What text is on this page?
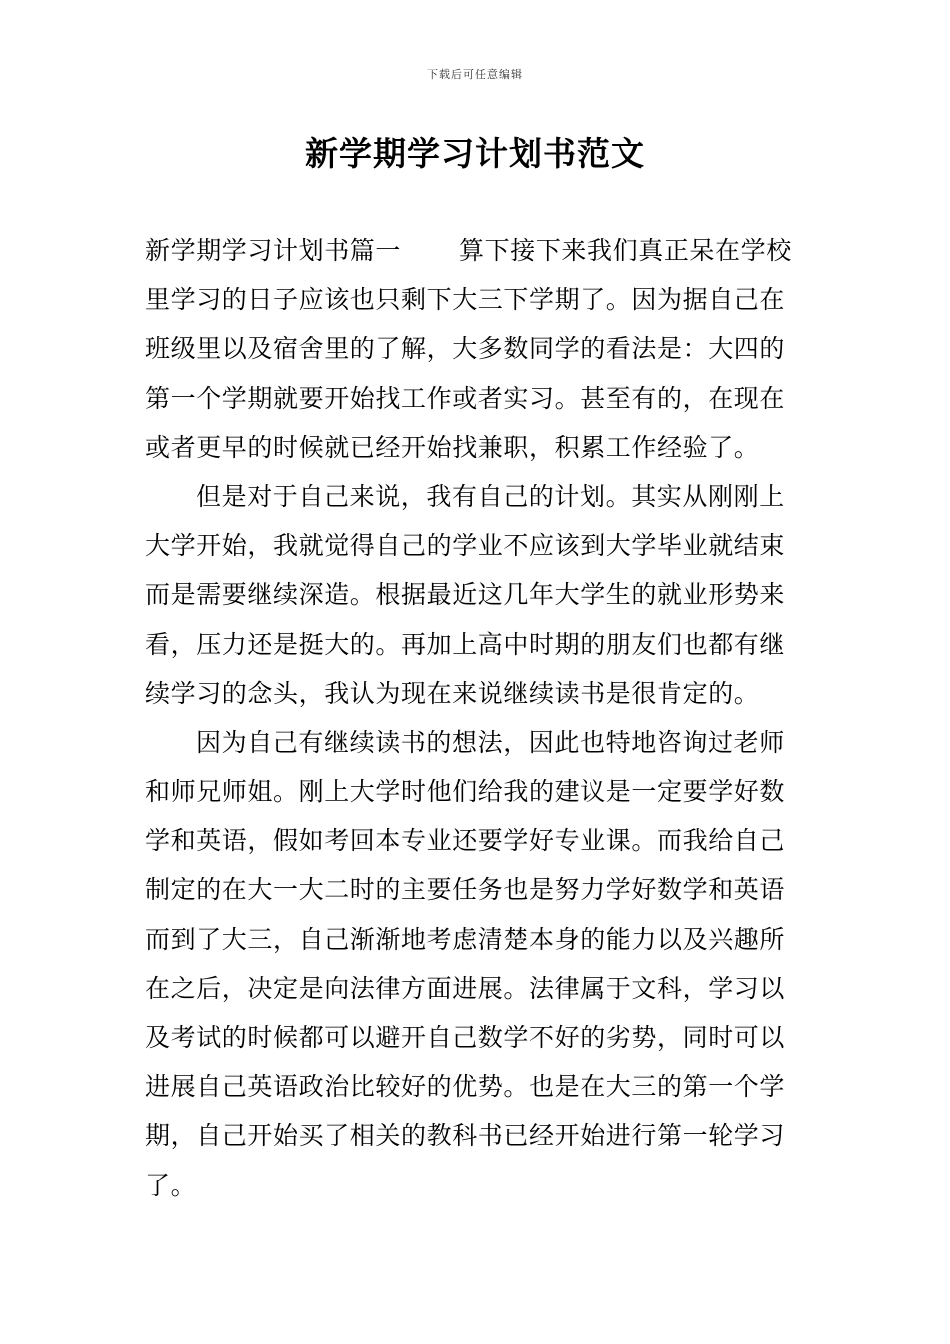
下载后可任意编辑
新学期学习计划书范文
新学期学习计划书篇一 算下接下来我们真正呆在学校
里学习的日子应该也只剩下大三下学期了。因为据自己在
班级里以及宿舍里的了解，大多数同学的看法是：大四的
第一个学期就要开始找工作或者实习。甚至有的，在现在
或者更早的时候就已经开始找兼职，积累工作经验了。
但是对于自己来说，我有自己的计划。其实从刚刚上
大学开始，我就觉得自己的学业不应该到大学毕业就结束
而是需要继续深造。根据最近这几年大学生的就业形势来
看，压力还是挺大的。再加上高中时期的朋友们也都有继
续学习的念头，我认为现在来说继续读书是很肯定的。
因为自己有继续读书的想法，因此也特地咨询过老师
和师兄师姐。刚上大学时他们给我的建议是一定要学好数
学和英语，假如考回本专业还要学好专业课。而我给自己
制定的在大一大二时的主要任务也是努力学好数学和英语
而到了大三，自己渐渐地考虑清楚本身的能力以及兴趣所
在之后，决定是向法律方面进展。法律属于文科，学习以
及考试的时候都可以避开自己数学不好的劣势，同时可以
进展自己英语政治比较好的优势。也是在大三的第一个学
期，自己开始买了相关的教科书已经开始进行第一轮学习
了。
